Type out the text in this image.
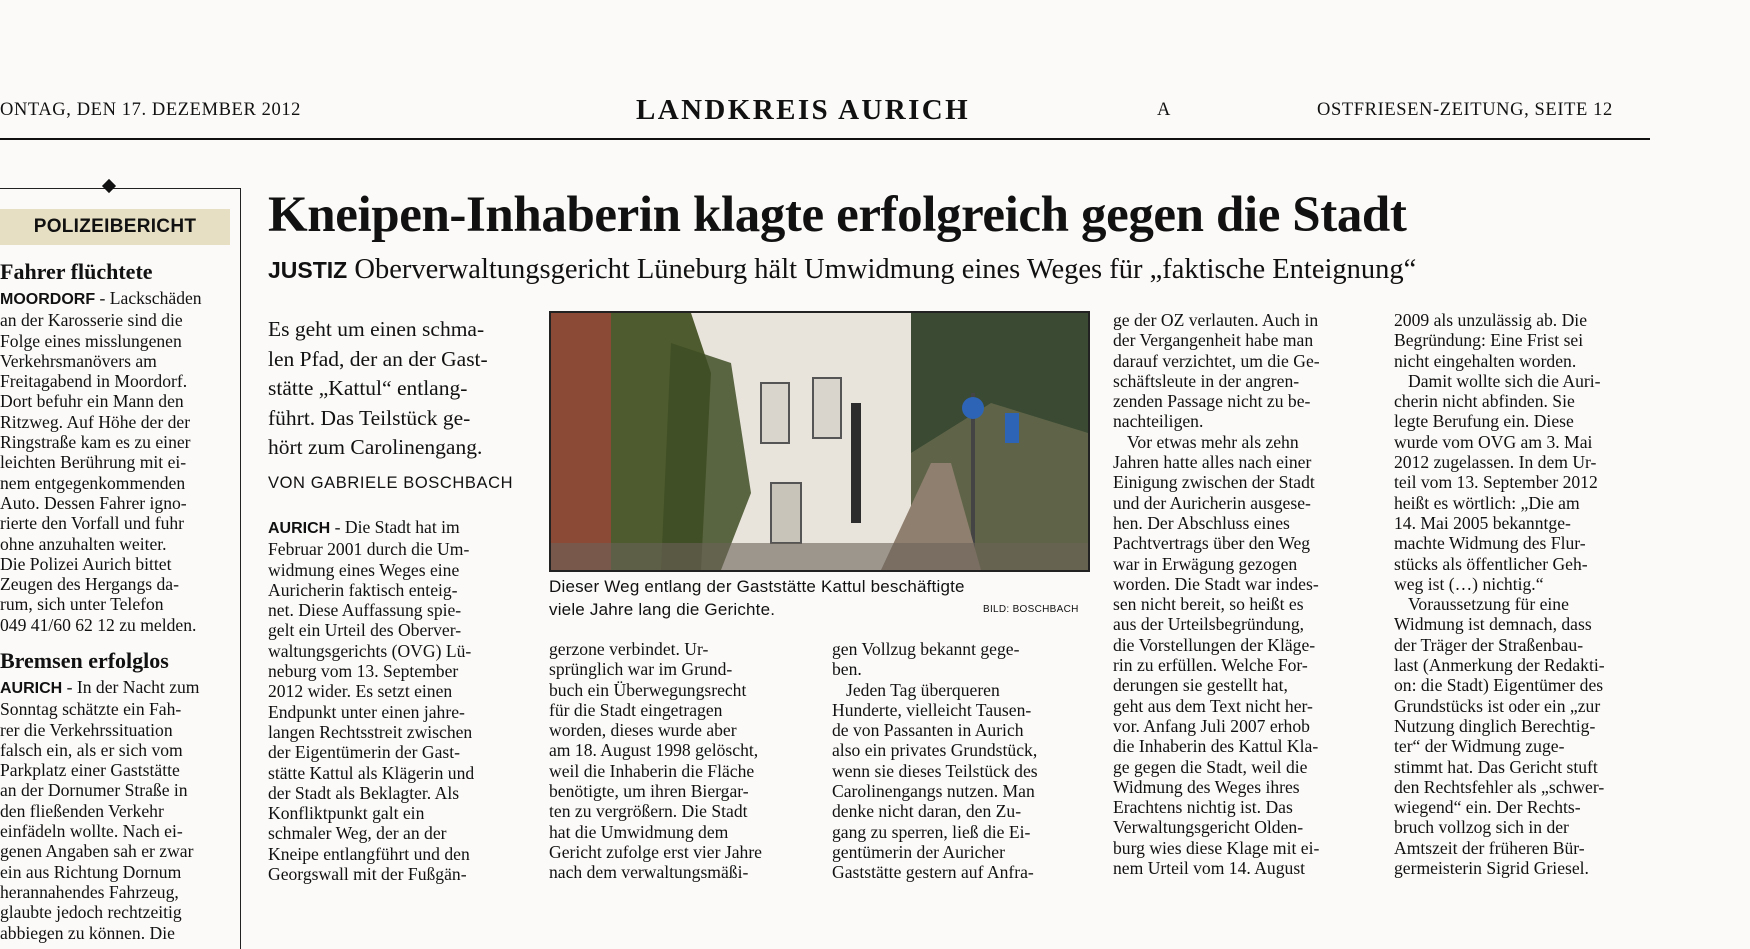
ONTAG, DEN 17. DEZEMBER 2012	LANDKREIS AURICH	A	OSTFRIESEN-ZEITUNG, SEITE 12
POLIZEIBERICHT
Fahrer flüchtete

MOORDORF - Lackschäden

an der Karosserie sind die

Folge eines misslungenen

Verkehrsmanövers am

Freitagabend in Moordorf.

Dort befuhr ein Mann den

Ritzweg. Auf Höhe der der

Ringstraße kam es zu einer

leichten Berührung mit ei-

nem entgegenkommenden

Auto. Dessen Fahrer igno-

rierte den Vorfall und fuhr

ohne anzuhalten weiter.

Die Polizei Aurich bittet

Zeugen des Hergangs da-

rum, sich unter Telefon

049 41/60 62 12 zu melden.

Bremsen erfolglos

AURICH - In der Nacht zum

Sonntag schätzte ein Fah-

rer die Verkehrssituation

falsch ein, als er sich vom

Parkplatz einer Gaststätte

an der Dornumer Straße in

den fließenden Verkehr

einfädeln wollte. Nach ei-

genen Angaben sah er zwar

ein aus Richtung Dornum

herannahendes Fahrzeug,

glaubte jedoch rechtzeitig

abbiegen zu können. Die

Kneipen-Inhaberin klagte erfolgreich gegen die Stadt
JUSTIZ Oberverwaltungsgericht Lüneburg hält Umwidmung eines Weges für „faktische Enteignung“
Es geht um einen schma-
len Pfad, der an der Gast-
stätte „Kattul“ entlang-
führt. Das Teilstück ge-
hört zum Carolinengang.
VON GABRIELE BOSCHBACH

AURICH - Die Stadt hat im

Februar 2001 durch die Um-

widmung eines Weges eine

Auricherin faktisch enteig-

net. Diese Auffassung spie-

gelt ein Urteil des Oberver-

waltungsgerichts (OVG) Lü-

neburg vom 13. September

2012 wider. Es setzt einen

Endpunkt unter einen jahre-

langen Rechtsstreit zwischen

der Eigentümerin der Gast-

stätte Kattul als Klägerin und

der Stadt als Beklagter. Als

Konfliktpunkt galt ein

schmaler Weg, der an der

Kneipe entlangführt und den

Georgswall mit der Fußgän-

Dieser Weg entlang der Gaststätte Kattul beschäftigte
viele Jahre lang die Gerichte.	BILD: BOSCHBACH

gerzone verbindet. Ur-

sprünglich war im Grund-

buch ein Überwegungsrecht

für die Stadt eingetragen

worden, dieses wurde aber

am 18. August 1998 gelöscht,

weil die Inhaberin die Fläche

benötigte, um ihren Biergar-

ten zu vergrößern. Die Stadt

hat die Umwidmung dem

Gericht zufolge erst vier Jahre

nach dem verwaltungsmäßi-

gen Vollzug bekannt gege-

ben.

Jeden Tag überqueren

Hunderte, vielleicht Tausen-

de von Passanten in Aurich

also ein privates Grundstück,

wenn sie dieses Teilstück des

Carolinengangs nutzen. Man

denke nicht daran, den Zu-

gang zu sperren, ließ die Ei-

gentümerin der Auricher

Gaststätte gestern auf Anfra-

ge der OZ verlauten. Auch in

der Vergangenheit habe man

darauf verzichtet, um die Ge-

schäftsleute in der angren-

zenden Passage nicht zu be-

nachteiligen.

Vor etwas mehr als zehn

Jahren hatte alles nach einer

Einigung zwischen der Stadt

und der Auricherin ausgese-

hen. Der Abschluss eines

Pachtvertrags über den Weg

war in Erwägung gezogen

worden. Die Stadt war indes-

sen nicht bereit, so heißt es

aus der Urteilsbegründung,

die Vorstellungen der Kläge-

rin zu erfüllen. Welche For-

derungen sie gestellt hat,

geht aus dem Text nicht her-

vor. Anfang Juli 2007 erhob

die Inhaberin des Kattul Kla-

ge gegen die Stadt, weil die

Widmung des Weges ihres

Erachtens nichtig ist. Das

Verwaltungsgericht Olden-

burg wies diese Klage mit ei-

nem Urteil vom 14. August

2009 als unzulässig ab. Die

Begründung: Eine Frist sei

nicht eingehalten worden.

Damit wollte sich die Auri-

cherin nicht abfinden. Sie

legte Berufung ein. Diese

wurde vom OVG am 3. Mai

2012 zugelassen. In dem Ur-

teil vom 13. September 2012

heißt es wörtlich: „Die am

14. Mai 2005 bekanntge-

machte Widmung des Flur-

stücks als öffentlicher Geh-

weg ist (…) nichtig.“

Voraussetzung für eine

Widmung ist demnach, dass

der Träger der Straßenbau-

last (Anmerkung der Redakti-

on: die Stadt) Eigentümer des

Grundstücks ist oder ein „zur

Nutzung dinglich Berechtig-

ter“ der Widmung zuge-

stimmt hat. Das Gericht stuft

den Rechtsfehler als „schwer-

wiegend“ ein. Der Rechts-

bruch vollzog sich in der

Amtszeit der früheren Bür-

germeisterin Sigrid Griesel.
